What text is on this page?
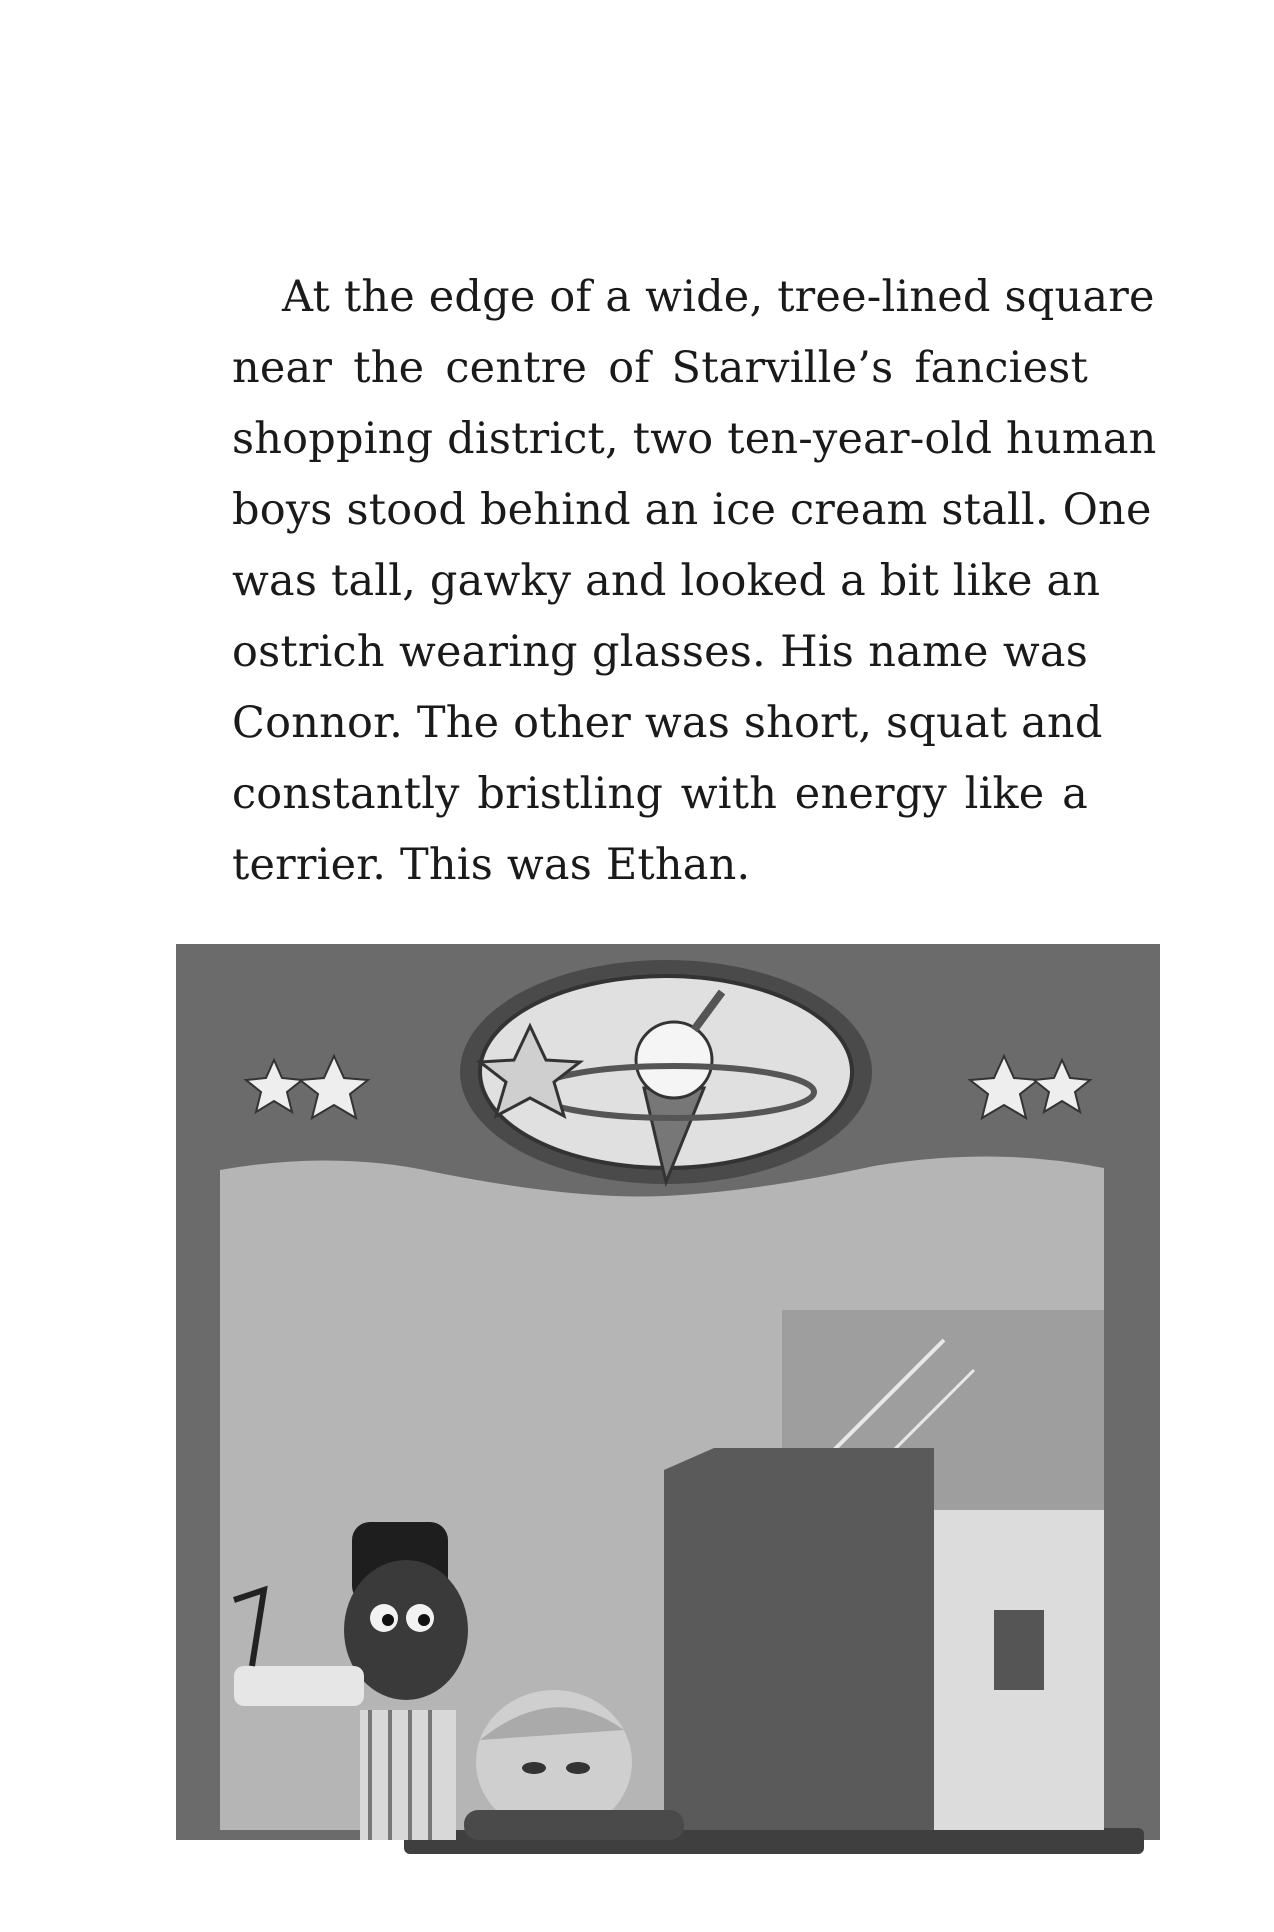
At the edge of a wide, tree-lined square
near the centre of Starville’s fanciest
shopping district, two ten-year-old human
boys stood behind an ice cream stall. One
was tall, gawky and looked a bit like an
ostrich wearing glasses. His name was
Connor. The other was short, squat and
constantly bristling with energy like a
terrier. This was Ethan.
